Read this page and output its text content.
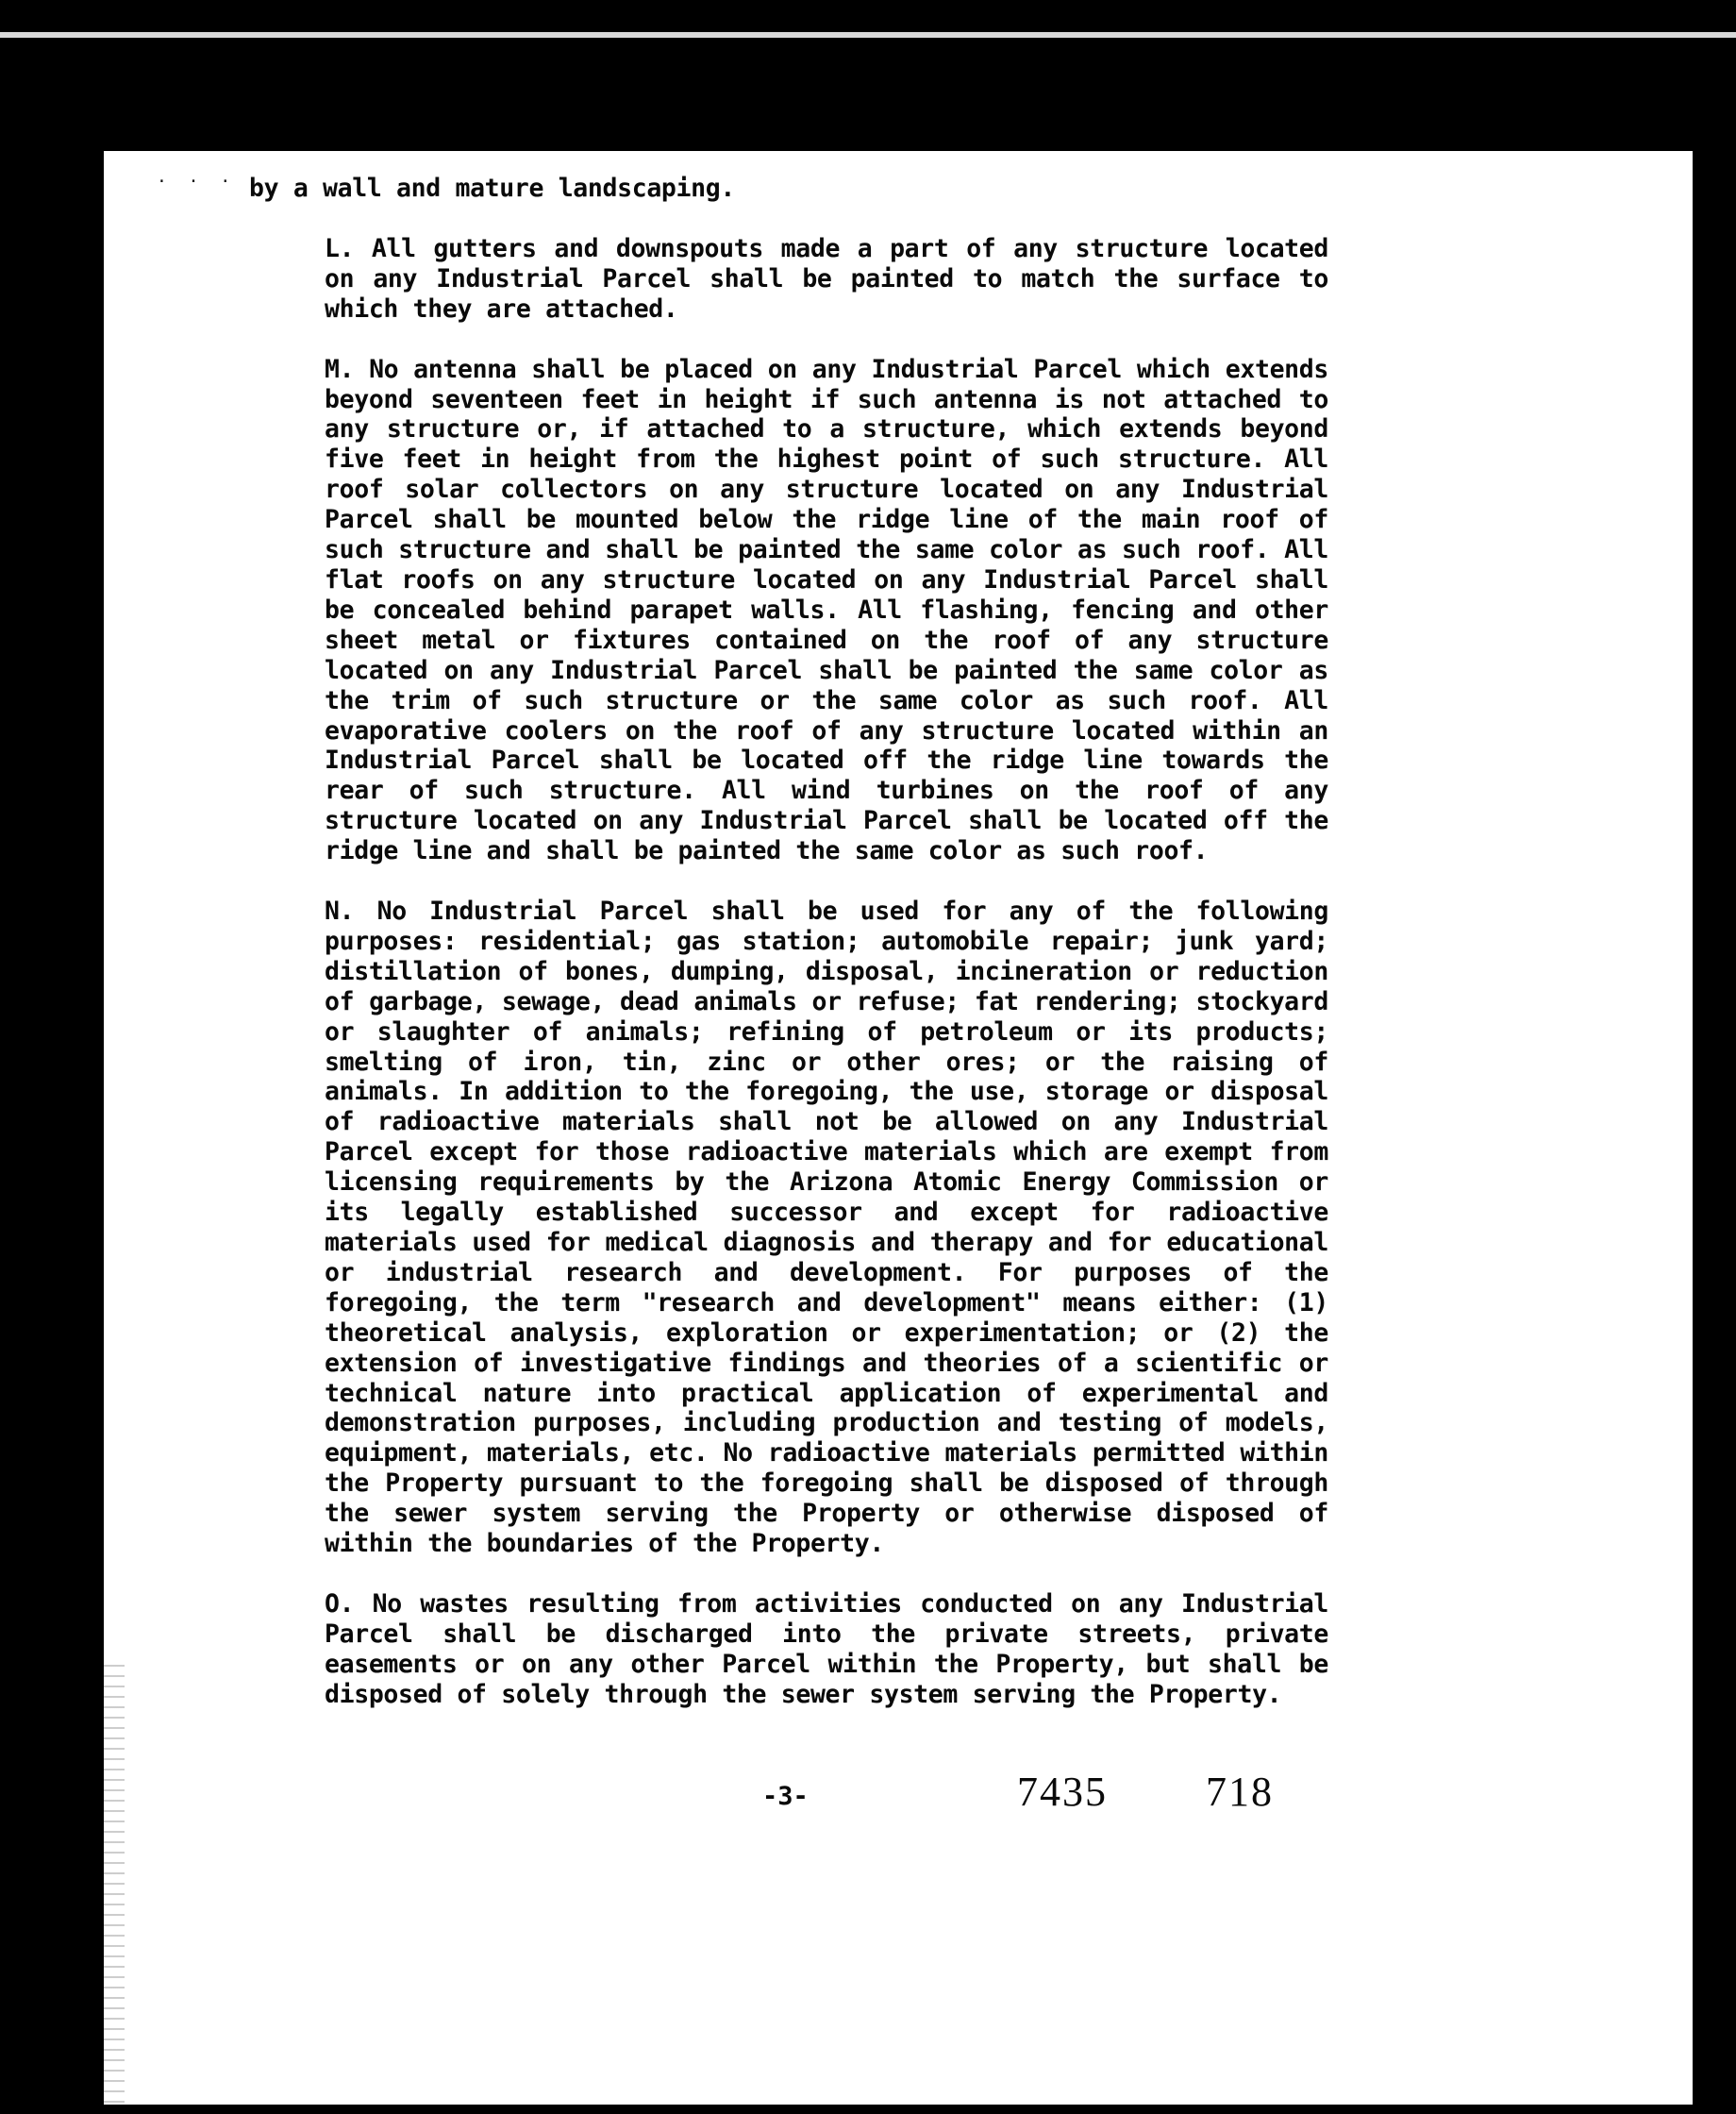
· · · by a wall and mature landscaping.

L. All gutters and downspouts made a part of any structure located on any Industrial Parcel shall be painted to match the surface to which they are attached.

M. No antenna shall be placed on any Industrial Parcel which extends beyond seventeen feet in height if such antenna is not attached to any structure or, if attached to a structure, which extends beyond five feet in height from the highest point of such structure. All roof solar collectors on any structure located on any Industrial Parcel shall be mounted below the ridge line of the main roof of such structure and shall be painted the same color as such roof. All flat roofs on any structure located on any Industrial Parcel shall be concealed behind parapet walls. All flashing, fencing and other sheet metal or fixtures contained on the roof of any structure located on any Industrial Parcel shall be painted the same color as the trim of such structure or the same color as such roof. All evaporative coolers on the roof of any structure located within an Industrial Parcel shall be located off the ridge line towards the rear of such structure. All wind turbines on the roof of any structure located on any Industrial Parcel shall be located off the ridge line and shall be painted the same color as such roof.

N. No Industrial Parcel shall be used for any of the following purposes: residential; gas station; automobile repair; junk yard; distillation of bones, dumping, disposal, incineration or reduction of garbage, sewage, dead animals or refuse; fat rendering; stockyard or slaughter of animals; refining of petroleum or its products; smelting of iron, tin, zinc or other ores; or the raising of animals. In addition to the foregoing, the use, storage or disposal of radioactive materials shall not be allowed on any Industrial Parcel except for those radioactive materials which are exempt from licensing requirements by the Arizona Atomic Energy Commission or its legally established successor and except for radioactive materials used for medical diagnosis and therapy and for educational or industrial research and development. For purposes of the foregoing, the term "research and development" means either: (1) theoretical analysis, exploration or experimentation; or (2) the extension of investigative findings and theories of a scientific or technical nature into practical application of experimental and demonstration purposes, including production and testing of models, equipment, materials, etc. No radioactive materials permitted within the Property pursuant to the foregoing shall be disposed of through the sewer system serving the Property or otherwise disposed of within the boundaries of the Property.

O. No wastes resulting from activities conducted on any Industrial Parcel shall be discharged into the private streets, private easements or on any other Parcel within the Property, but shall be disposed of solely through the sewer system serving the Property.

-3-	7435 718
